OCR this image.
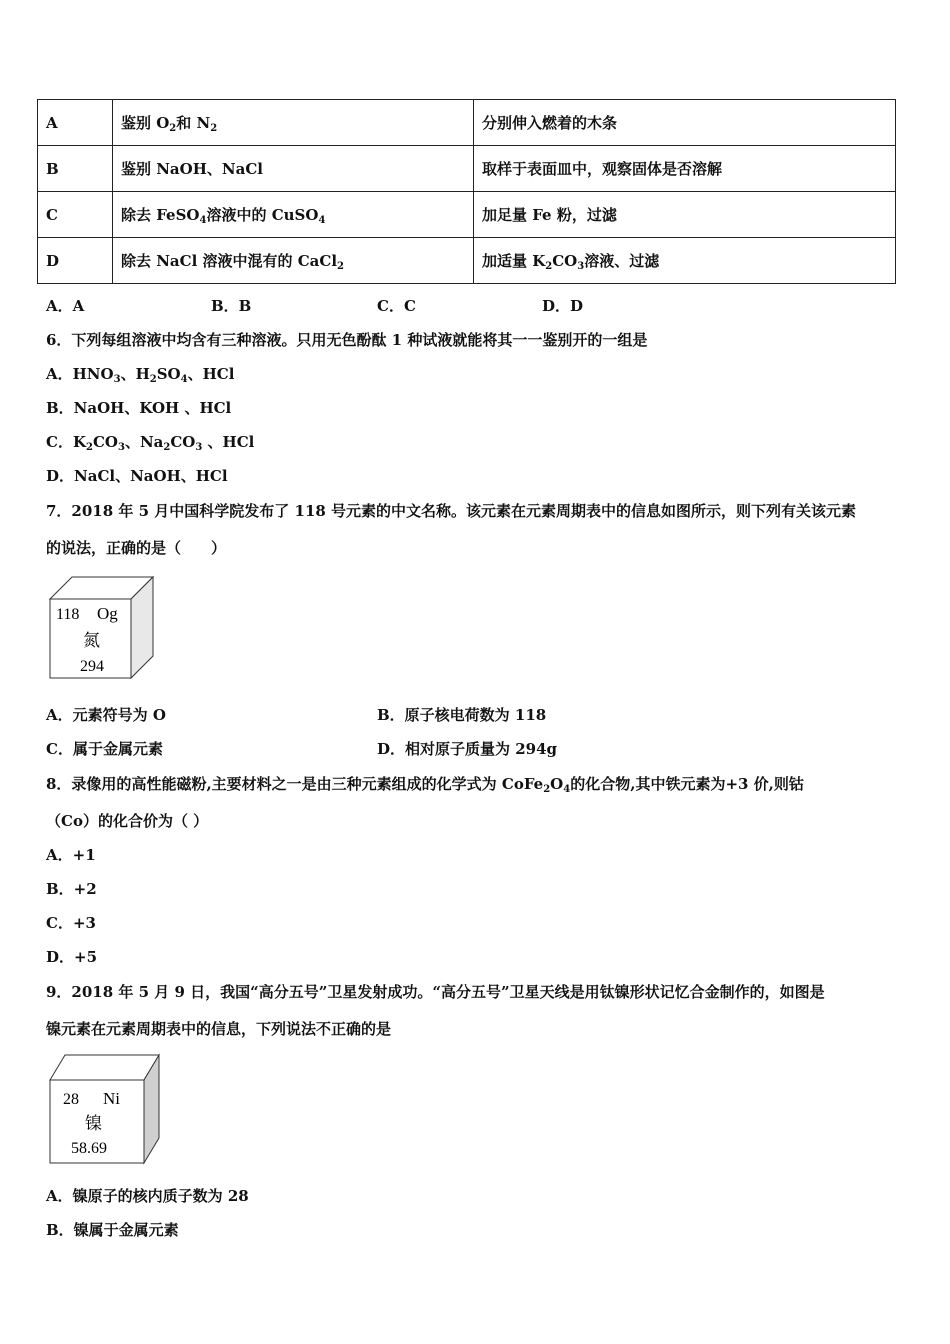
A	鉴别 $O_2$和 $N_2$	分别伸入燃着的木条
B	鉴别 NaOH、NaCl	取样于表面皿中，观察固体是否溶解
C	除去 FeSO$_4$溶液中的 CuSO$_4$	加足量 Fe 粉，过滤
D	除去 NaCl 溶液中混有的 CaCl$_2$	加适量 $K_2CO_3$溶液、过滤
A．A	B．B	C．C	D．D
6．下列每组溶液中均含有三种溶液。只用无色酚酞 1 种试液就能将其一一鉴别开的一组是
A．$HNO_3$、$H_2SO_4$、HCl
B．NaOH、KOH 、HCl
C．$K_2CO_3$、$Na_2CO_3$ 、HCl
D．NaCl、NaOH、HCl
7．2018 年 5 月中国科学院发布了 118 号元素的中文名称。该元素在元素周期表中的信息如图所示，则下列有关该元素
的说法，正确的是（　　）
118 Og
氮
294
A．元素符号为 O	B．原子核电荷数为 118
C．属于金属元素	D．相对原子质量为 294g
8．录像用的高性能磁粉,主要材料之一是由三种元素组成的化学式为 $CoFe_2O_4$的化合物,其中铁元素为+3 价,则钴
（Co）的化合价为（ ）
A．+1
B．+2
C．+3
D．+5
9．2018 年 5 月 9 日，我国“高分五号”卫星发射成功。“高分五号”卫星天线是用钛镍形状记忆合金制作的，如图是
镍元素在元素周期表中的信息，下列说法不正确的是
28 Ni
镍
58.69
A．镍原子的核内质子数为 28
B．镍属于金属元素
